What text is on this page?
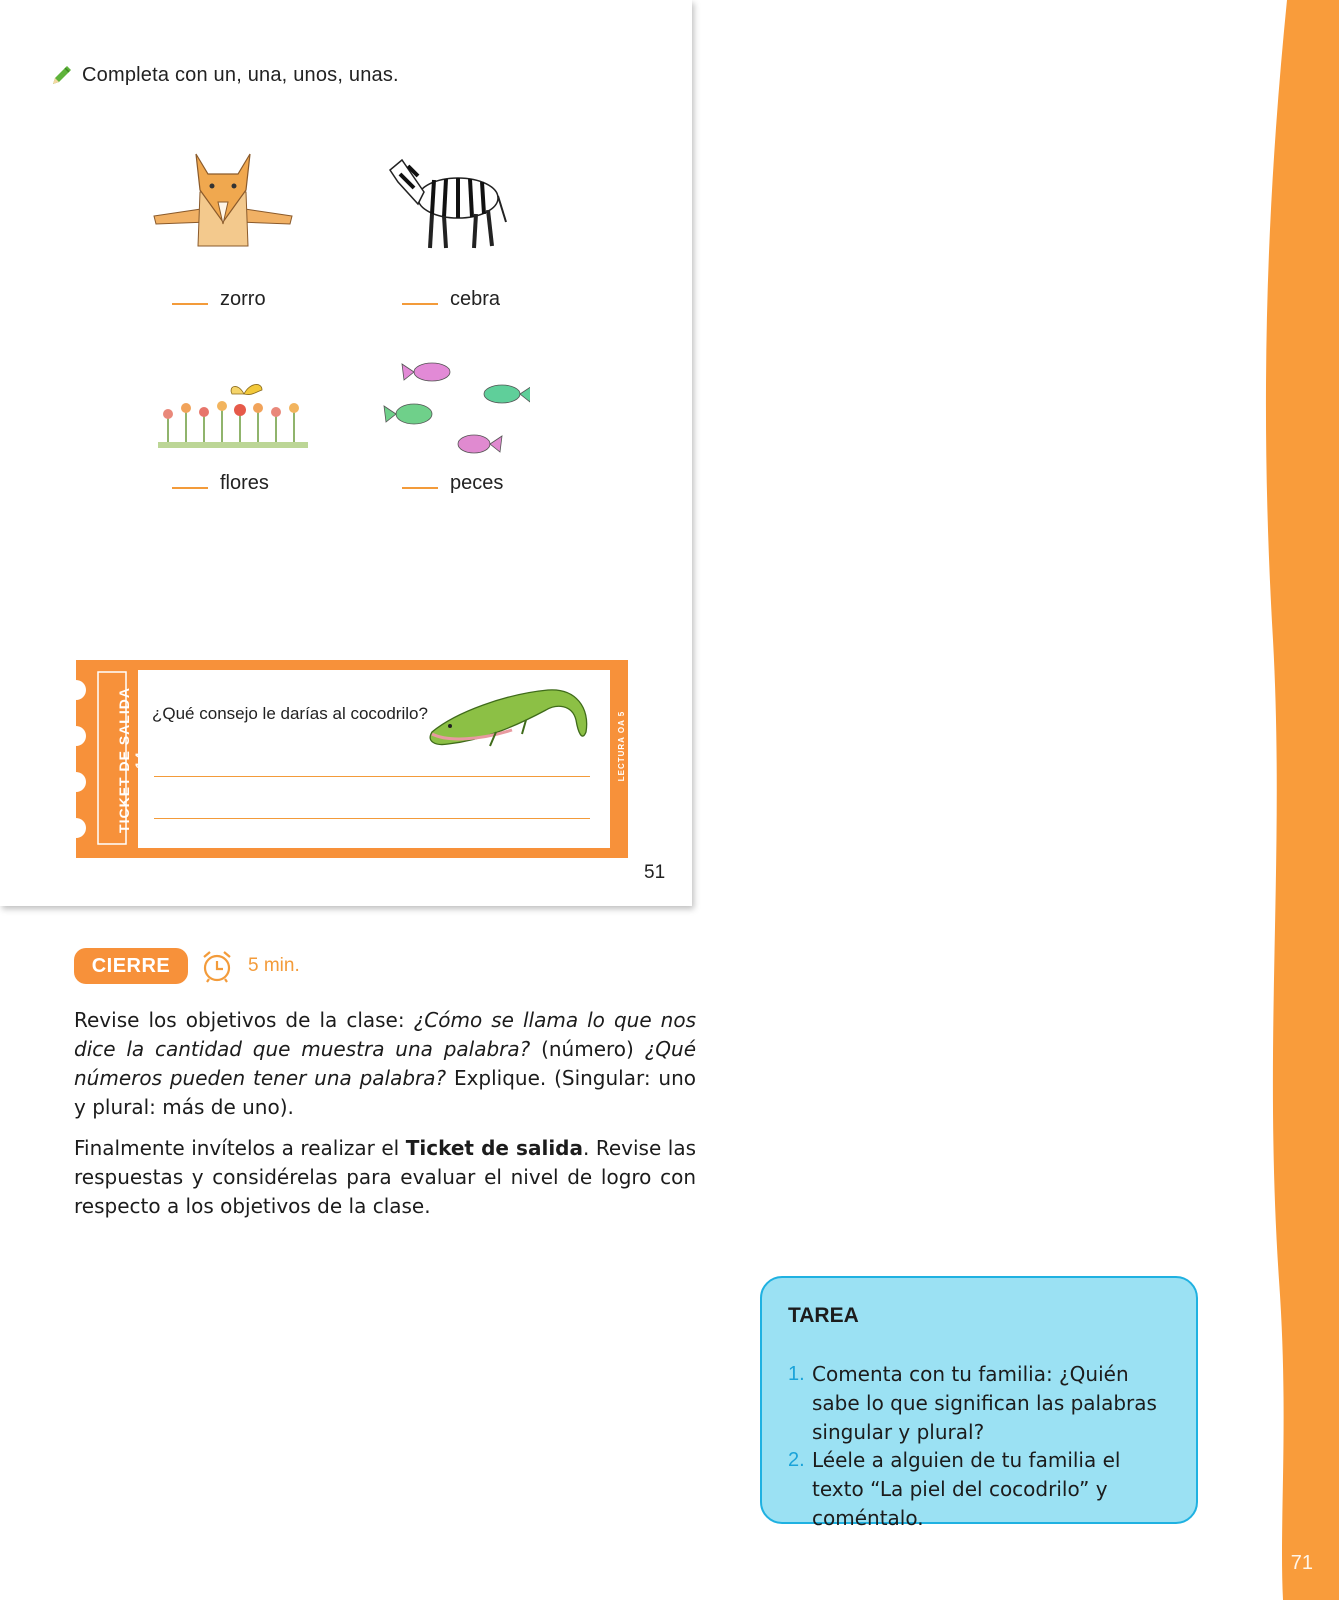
71
Completa con un, una, unos, unas.
zorro	cebra
flores	peces
TICKET DE SALIDA 14	LECTURA OA 5
¿Qué consejo le darías al cocodrilo?
51
CIERRE	5 min.

Revise los objetivos de la clase: ¿Cómo se llama lo que nos dice la cantidad que muestra una palabra? (número) ¿Qué números pueden tener una palabra? Explique. (Singular: uno y plural: más de uno).

Finalmente invítelos a realizar el Ticket de salida. Revise las respuestas y considérelas para evaluar el nivel de logro con respecto a los objetivos de la clase.

TAREA
1. Comenta con tu familia: ¿Quién sabe lo que significan las palabras singular y plural?
2. Léele a alguien de tu familia el texto “La piel del cocodrilo” y coméntalo.
